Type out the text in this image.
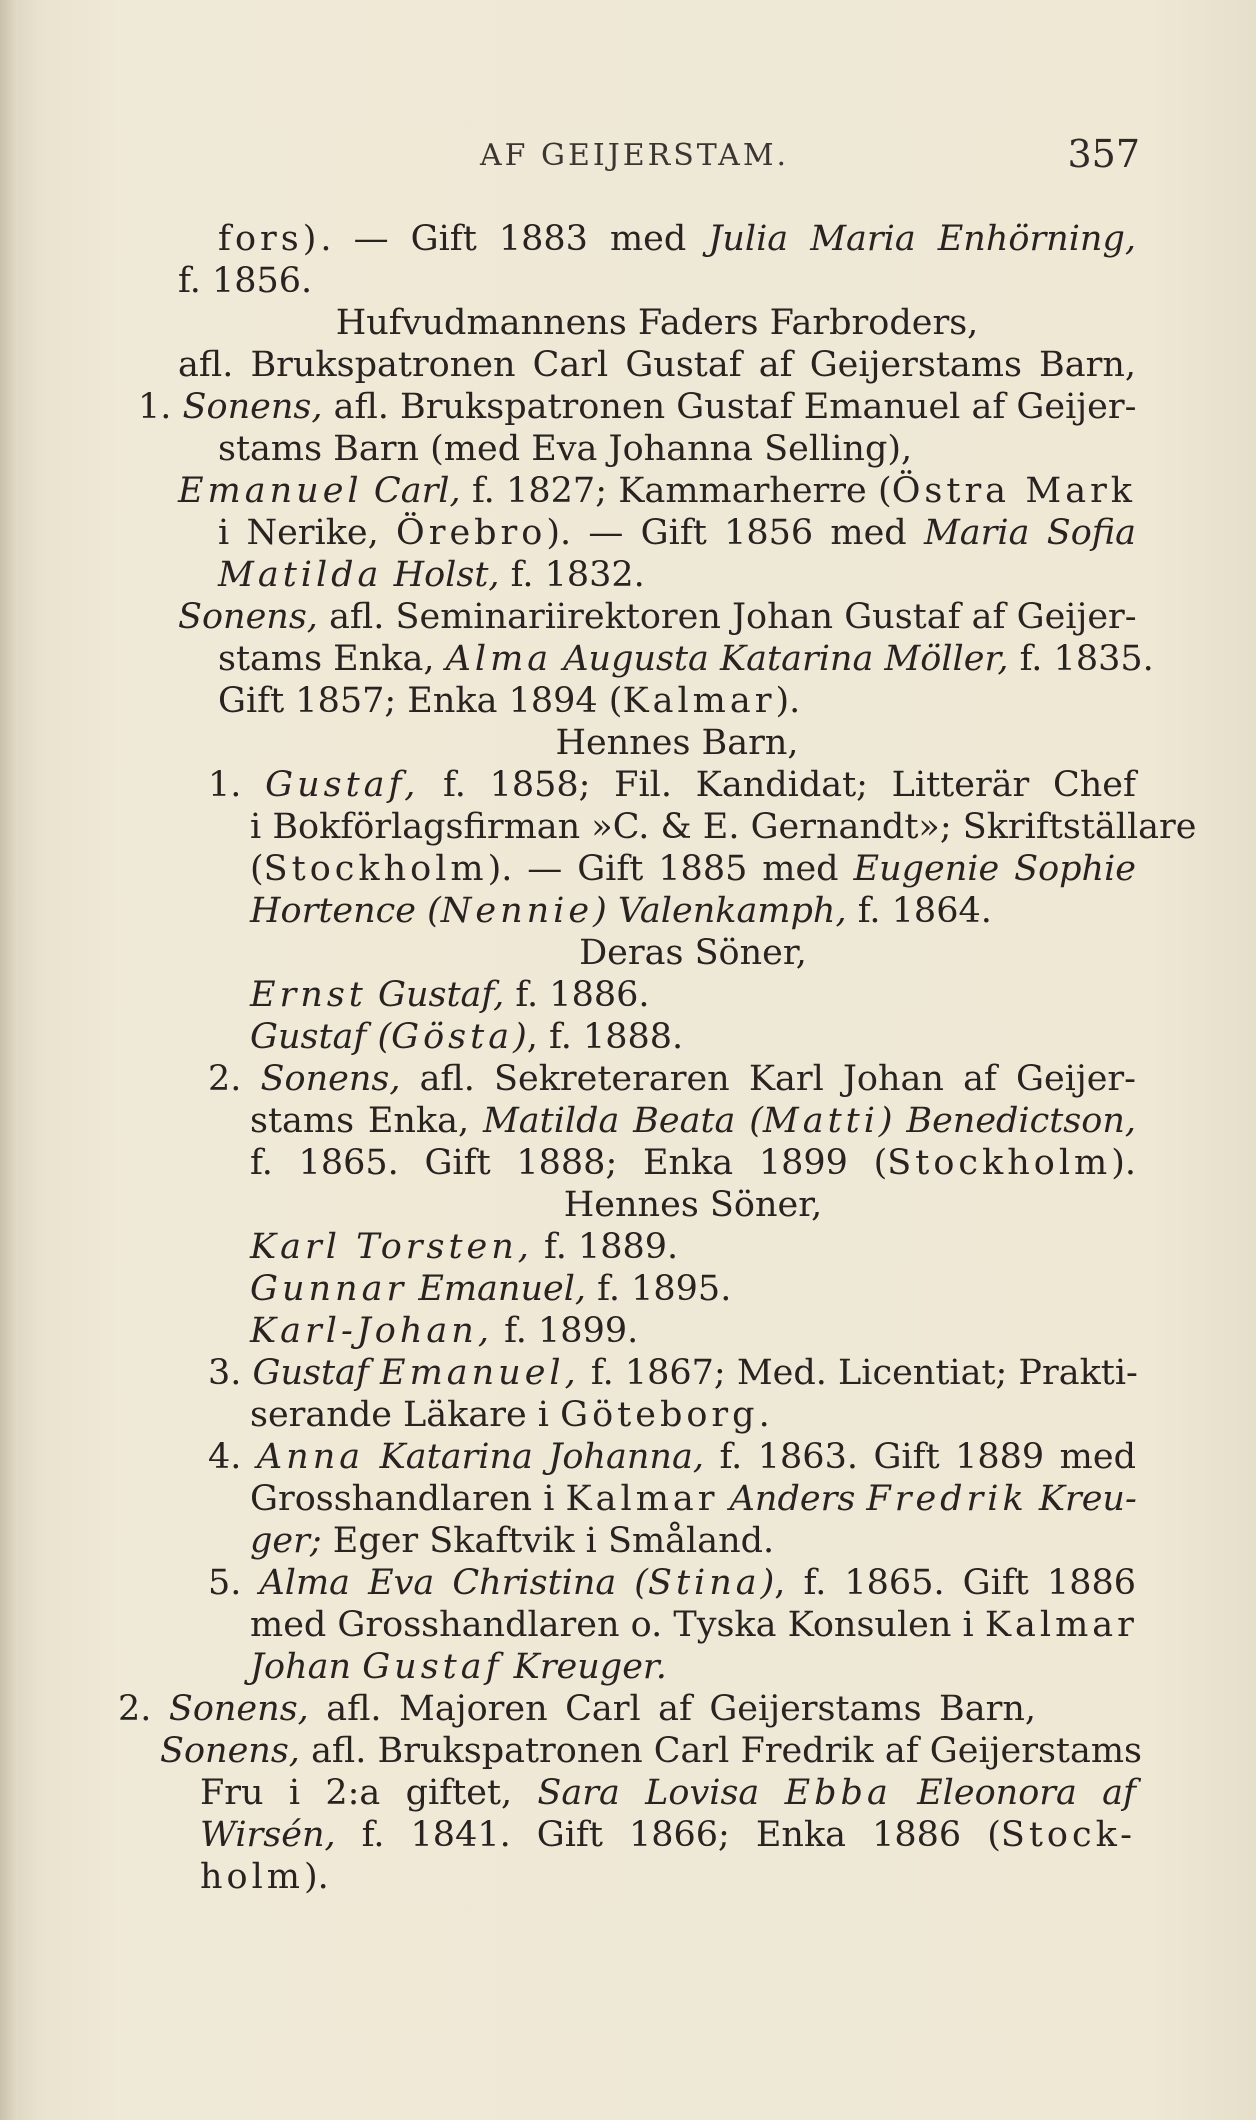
AF GEIJERSTAM.	357
fors). — Gift 1883 med Julia Maria Enhörning,
f. 1856.
Hufvudmannens Faders Farbroders,
afl. Brukspatronen Carl Gustaf af Geijerstams Barn,
1. Sonens, afl. Brukspatronen Gustaf Emanuel af Geijer-
stams Barn (med Eva Johanna Selling),
Emanuel Carl, f. 1827; Kammarherre (Östra Mark
i Nerike, Örebro). — Gift 1856 med Maria Sofia
Matilda Holst, f. 1832.
Sonens, afl. Seminariirektoren Johan Gustaf af Geijer-
stams Enka, Alma Augusta Katarina Möller, f. 1835.
Gift 1857; Enka 1894 (Kalmar).
Hennes Barn,
1. Gustaf, f. 1858; Fil. Kandidat; Litterär Chef
i Bokförlagsfirman »C. & E. Gernandt»; Skriftställare
(Stockholm). — Gift 1885 med Eugenie Sophie
Hortence (Nennie) Valenkamph, f. 1864.
Deras Söner,
Ernst Gustaf, f. 1886.
Gustaf (Gösta), f. 1888.
2. Sonens, afl. Sekreteraren Karl Johan af Geijer-
stams Enka, Matilda Beata (Matti) Benedictson,
f. 1865. Gift 1888; Enka 1899 (Stockholm).
Hennes Söner,
Karl Torsten, f. 1889.
Gunnar Emanuel, f. 1895.
Karl-Johan, f. 1899.
3. Gustaf Emanuel, f. 1867; Med. Licentiat; Prakti-
serande Läkare i Göteborg.
4. Anna Katarina Johanna, f. 1863. Gift 1889 med
Grosshandlaren i Kalmar Anders Fredrik Kreu-
ger; Eger Skaftvik i Småland.
5. Alma Eva Christina (Stina), f. 1865. Gift 1886
med Grosshandlaren o. Tyska Konsulen i Kalmar
Johan Gustaf Kreuger.
2. Sonens, afl. Majoren Carl af Geijerstams Barn,
Sonens, afl. Brukspatronen Carl Fredrik af Geijerstams
Fru i 2:a giftet, Sara Lovisa Ebba Eleonora af
Wirsén, f. 1841. Gift 1866; Enka 1886 (Stock-
holm).
